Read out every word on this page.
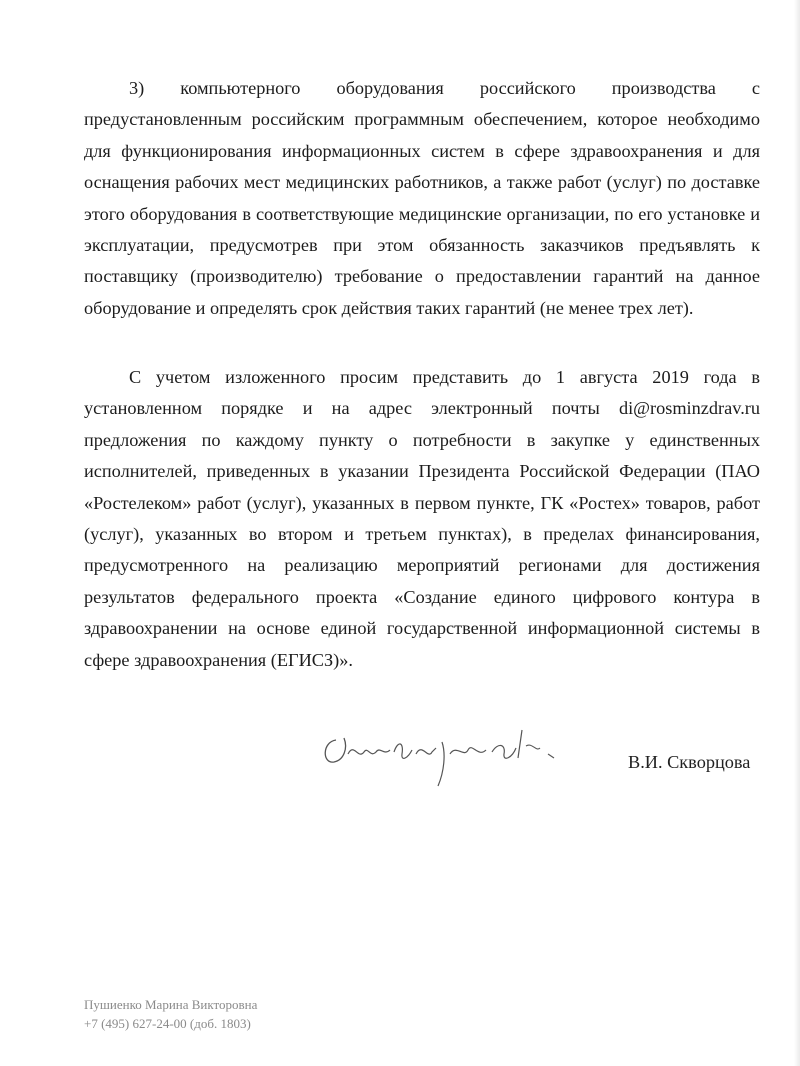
3) компьютерного оборудования российского производства с предустановленным российским программным обеспечением, которое необходимо для функционирования информационных систем в сфере здравоохранения и для оснащения рабочих мест медицинских работников, а также работ (услуг) по доставке этого оборудования в соответствующие медицинские организации, по его установке и эксплуатации, предусмотрев при этом обязанность заказчиков предъявлять к поставщику (производителю) требование о предоставлении гарантий на данное оборудование и определять срок действия таких гарантий (не менее трех лет).

С учетом изложенного просим представить до 1 августа 2019 года в установленном порядке и на адрес электронный почты di@rosminzdrav.ru предложения по каждому пункту о потребности в закупке у единственных исполнителей, приведенных в указании Президента Российской Федерации (ПАО «Ростелеком» работ (услуг), указанных в первом пункте, ГК «Ростех» товаров, работ (услуг), указанных во втором и третьем пунктах), в пределах финансирования, предусмотренного на реализацию мероприятий регионами для достижения результатов федерального проекта «Создание единого цифрового контура в здравоохранении на основе единой государственной информационной системы в сфере здравоохранения (ЕГИСЗ)».

В.И. Скворцова
Пушиенко Марина Викторовна
+7 (495) 627-24-00 (доб. 1803)
